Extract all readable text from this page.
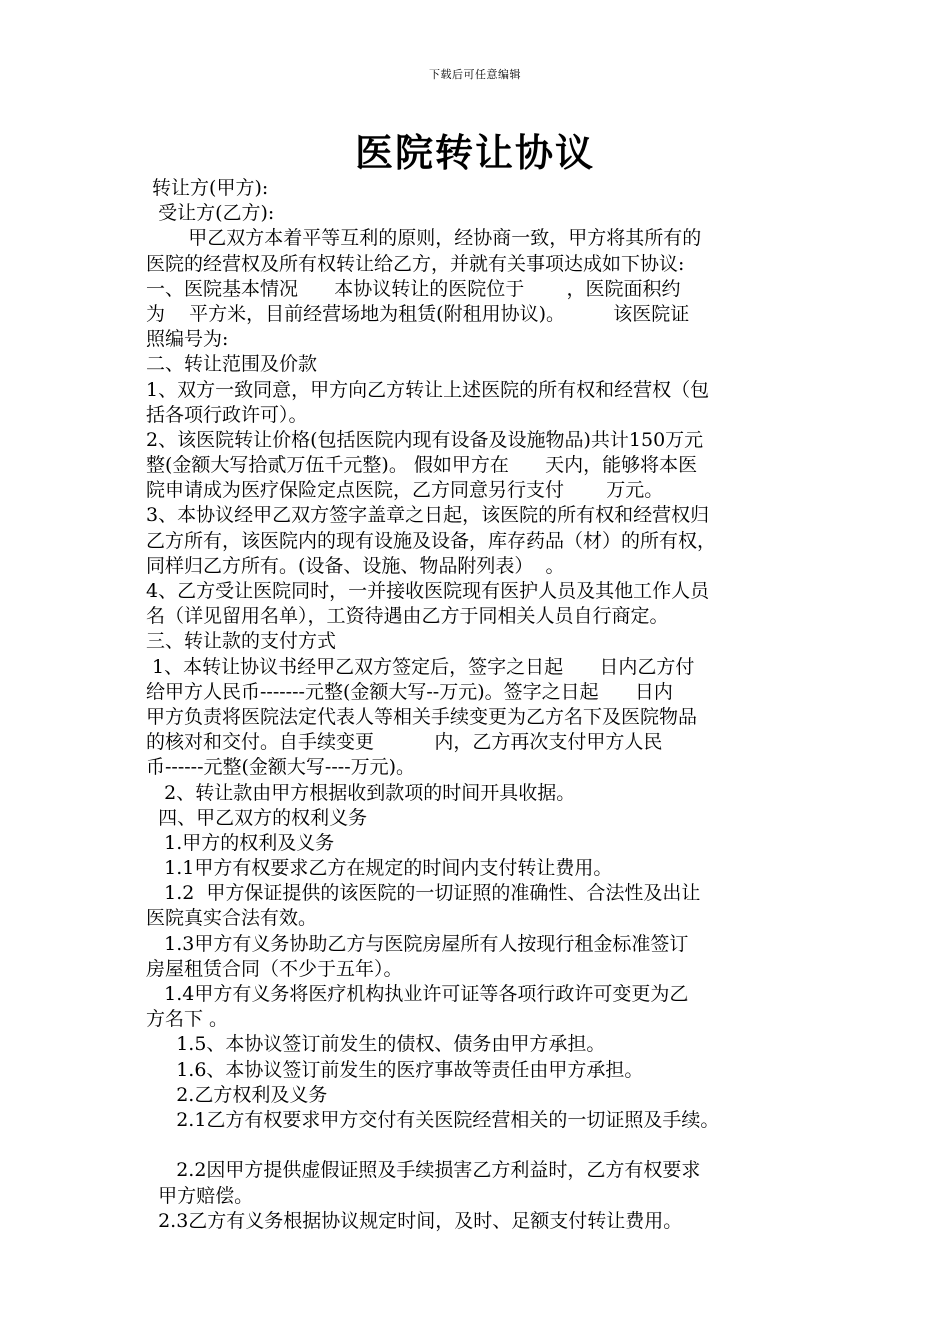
下载后可任意编辑
医院转让协议
转让方(甲方):
受让方(乙方):
甲乙双方本着平等互利的原则，经协商一致，甲方将其所有的
医院的经营权及所有权转让给乙方，并就有关事项达成如下协议:
一、医院基本情况      本协议转让的医院位于       ，医院面积约
为    平方米，目前经营场地为租赁(附租用协议)。        该医院证
照编号为:
二、转让范围及价款
1、双方一致同意，甲方向乙方转让上述医院的所有权和经营权（包
括各项行政许可）。
2、该医院转让价格(包括医院内现有设备及设施物品)共计150万元
整(金额大写拾贰万伍千元整)。 假如甲方在      天内，能够将本医
院申请成为医疗保险定点医院，乙方同意另行支付       万元。
3、本协议经甲乙双方签字盖章之日起，该医院的所有权和经营权归
乙方所有，该医院内的现有设施及设备，库存药品（材）的所有权，
同样归乙方所有。(设备、设施、物品附列表）  。
4、乙方受让医院同时，一并接收医院现有医护人员及其他工作人员
名（详见留用名单），工资待遇由乙方于同相关人员自行商定。
三、转让款的支付方式
1、本转让协议书经甲乙双方签定后，签字之日起      日内乙方付
给甲方人民币-------元整(金额大写--万元)。签字之日起      日内
甲方负责将医院法定代表人等相关手续变更为乙方名下及医院物品
的核对和交付。自手续变更          内，乙方再次支付甲方人民
币------元整(金额大写----万元)。
2、转让款由甲方根据收到款项的时间开具收据。
四、甲乙双方的权利义务
1.甲方的权利及义务
1.1甲方有权要求乙方在规定的时间内支付转让费用。
1.2  甲方保证提供的该医院的一切证照的准确性、合法性及出让
医院真实合法有效。
1.3甲方有义务协助乙方与医院房屋所有人按现行租金标准签订
房屋租赁合同（不少于五年）。
1.4甲方有义务将医疗机构执业许可证等各项行政许可变更为乙
方名下 。
1.5、本协议签订前发生的债权、债务由甲方承担。
1.6、本协议签订前发生的医疗事故等责任由甲方承担。
2.乙方权利及义务
2.1乙方有权要求甲方交付有关医院经营相关的一切证照及手续。
2.2因甲方提供虚假证照及手续损害乙方利益时，乙方有权要求
甲方赔偿。
2.3乙方有义务根据协议规定时间，及时、足额支付转让费用。
